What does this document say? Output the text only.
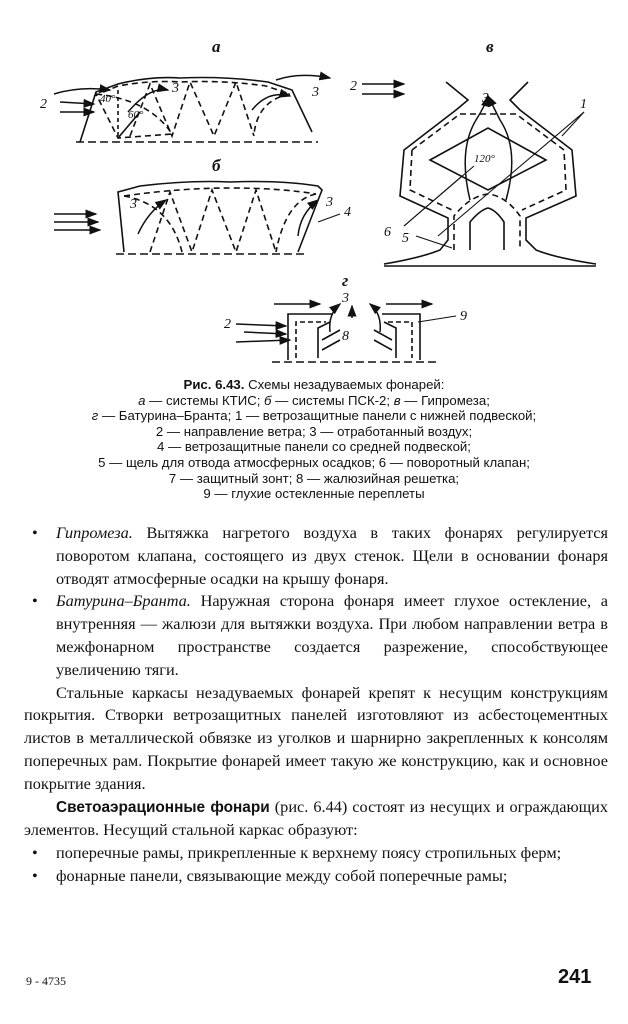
а	в
б
г
40°
60°
120°
2
3	3
3	3
4
2
3	1
6 5
3
2
8
9
Рис. 6.43. Схемы незадуваемых фонарей:
а — системы КТИС; б — системы ПСК-2; в — Гипромеза;
г — Батурина–Бранта; 1 — ветрозащитные панели с нижней подвеской;
2 — направление ветра; 3 — отработанный воздух;
4 — ветрозащитные панели со средней подвеской;
5 — щель для отвода атмосферных осадков; 6 — поворотный клапан;
7 — защитный зонт; 8 — жалюзийная решетка;
9 — глухие остекленные переплеты
• Гипромеза. Вытяжка нагретого воздуха в таких фонарях регулируется поворотом клапана, состоящего из двух стенок. Щели в основании фонаря отводят атмосферные осадки на крышу фонаря.
• Батурина–Бранта. Наружная сторона фонаря имеет глухое остекление, а внутренняя — жалюзи для вытяжки воздуха. При любом направлении ветра в межфонарном пространстве создается разрежение, способствующее увеличению тяги.
Стальные каркасы незадуваемых фонарей крепят к несущим конструкциям покрытия. Створки ветрозащитных панелей изготовляют из асбестоцементных листов в металлической обвязке из уголков и шарнирно закрепленных к консолям поперечных рам. Покрытие фонарей имеет такую же конструкцию, как и основное покрытие здания.
Светоаэрационные фонари (рис. 6.44) состоят из несущих и ограждающих элементов. Несущий стальной каркас образуют:
• поперечные рамы, прикрепленные к верхнему поясу стропильных ферм;
• фонарные панели, связывающие между собой поперечные рамы;
9 - 4735	241
